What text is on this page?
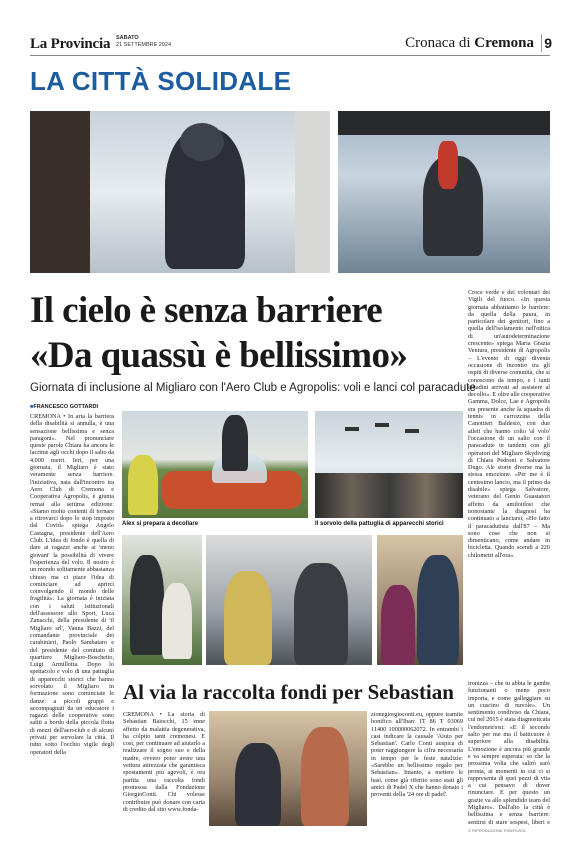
La Provincia SABATO
21 SETTEMBRE 2024	Cronaca di Cremona 9
LA CITTÀ SOLIDALE
Il cielo è senza barriere
«Da quassù è bellissimo»
Giornata di inclusione al Migliaro con l'Aero Club e Agropolis: voli e lanci col paracadute
■ FRANCESCO GOTTARDI
Croce verde e dei volontari dei Vigili del fuoco. «In questa giornata abbattiamo le barriere: da quella della paura, in particolare dei genitori, fino a quella dell'isolamento nell'ottica di un'autodeterminazione crescente» spiega Maria Grazia Ventura, presidente di Agropolis – L'evento di oggi diventa occasione di incontro tra gli ospiti di diverse comunità, che si conoscono da tempo, e i tanti cittadini arrivati ad assistere al decollo». E oltre alle cooperative Gamma, Dolce, Lae e Agropolis era presente anche la squadra di tennis in carrozzina della Canottieri Baldesio, con due atleti che hanno colto 'al volo' l'occasione di un salto con il paracadute in tandem con gli operatori del Migliaro Skydiving di Chiara Pedroni e Salvatore Dugo. Ale storie diverse ma la stessa emozione. «Per me è il centesimo lancio, ma il primo da disabile» spiega Salvatore, veterano del Genio Guastatori affetto da amiloidosi che nonostante la diagnosi ha continuato a lanciarsi; «Ho fatto il paracadutista dall'87 – Ma sono cose che non si dimenticano, come andare in bicicletta. Quando scendi a 220 chilometri all'ora».
CREMONA • In aria la barriera della disabilità si annulla, è una sensazione bellissima e senza paragoni». Nel pronunciare queste parole Chiara ha ancora le lacrime agli occhi dopo il salto da 4.000 metri. Ieri, per una giornata, il Migliaro è stato veramente senza barriere. l'iniziativa, nata dall'incontro tra Aero Club di Cremona e Cooperativa Agropolis, è giunta ormai alla settima edizione: «Siamo molto contenti di tornare a ritrovarci dopo lo stop imposto dal Covid» spiega Angelo Castagna, presidente dell'Aero Club. L'idea di fondo è quella di dare ai ragazzi anche ai 'meno giovani' la possibilità di vivere l'esperienza del volo. Il nostro è un mondo solitamente abbastanza chiuso ma ci piace l'idea di cominciare ad aprirci coinvolgendo il mondo delle fragilità». La giornata è iniziata con i saluti istituzionali dell'assessore allo Sport, Luca Zanacchi, della presidente di 'il Migliaro srl', Vanna Bazzi, del comandante provinciale dei carabinieri, Paolo Sambataro e del presidente del comitato di quartiere Migliaro-Boschetto, Luigi Armillotta. Dopo lo spettacolo e volo di una pattuglia di apparecchi storici che hanno sorvolato il Migliaro in formazione sono cominciate le danze: a piccoli gruppi e accompagnati da un educatore i ragazzi delle cooperative sono saliti a bordo della piccola flotta di mezzi dell'aeroclub e di alcuni privati per sorvolare la città. Il tutto sotto l'occhio vigile degli operatori della
Alex si prepara a decollare	Il sorvolo della pattuglia di apparecchi storici
ironizza – che tu abbia le gambe funzionanti o meno poco importa, e come galleggiare su un cuscino di nuvole». Un sentimento condiviso da Chiara, cui nel 2015 è stata diagnosticata l'endometriosi: «E il secondo salto per me ma il batticuore è superiore alla disabilità. L'emozione è ancora più grande e va sempre superata: so che la prossima volta che salirò sarò pronta, ai momenti in cui ci si rappresenta di quei pezzi di vita a cui pensavo di dover rinunciare. E per questo un grazie va allo splendido team del Migliaro». Dall'alto la città è bellissima e senza barriere: sentirsi di stare sospesi, liberi e
© RIPRODUZIONE RISERVATA
Al via la raccolta fondi per Sebastian
CREMONA • La storia di Sebastian Baiocchi, 15 enne affetto da malattia degenerativa, ha colpito tanti cremonesi. E così, per continuare ad aiutarlo a realizzare il sogno suo e della madre, ovvero poter avere una vettura attrezzata che garantisca spostamenti più agevoli, è ora partita una raccolta fondi promossa dalla Fondazione GiorgioConti. Chi volesse contribuire può donare con carta di credito dal sito www.fonda-
zionegiorgioconti.eu, oppure tramite bonifico all'Iban: IT 86 T 03069 11400 100000062072. In entrambi i casi indicare la causale 'Aiuto per Sebastian'. Carlo Conti auspica di poter raggiungere la cifra necessaria in tempo per le feste natalizie: «Sarebbe un bellissimo regalo per Sebastian». Intanto, a mettere le basi, come già riferito sono stati gli amici di Padel X che hanno donato i proventi della '24 ore di padel'.
